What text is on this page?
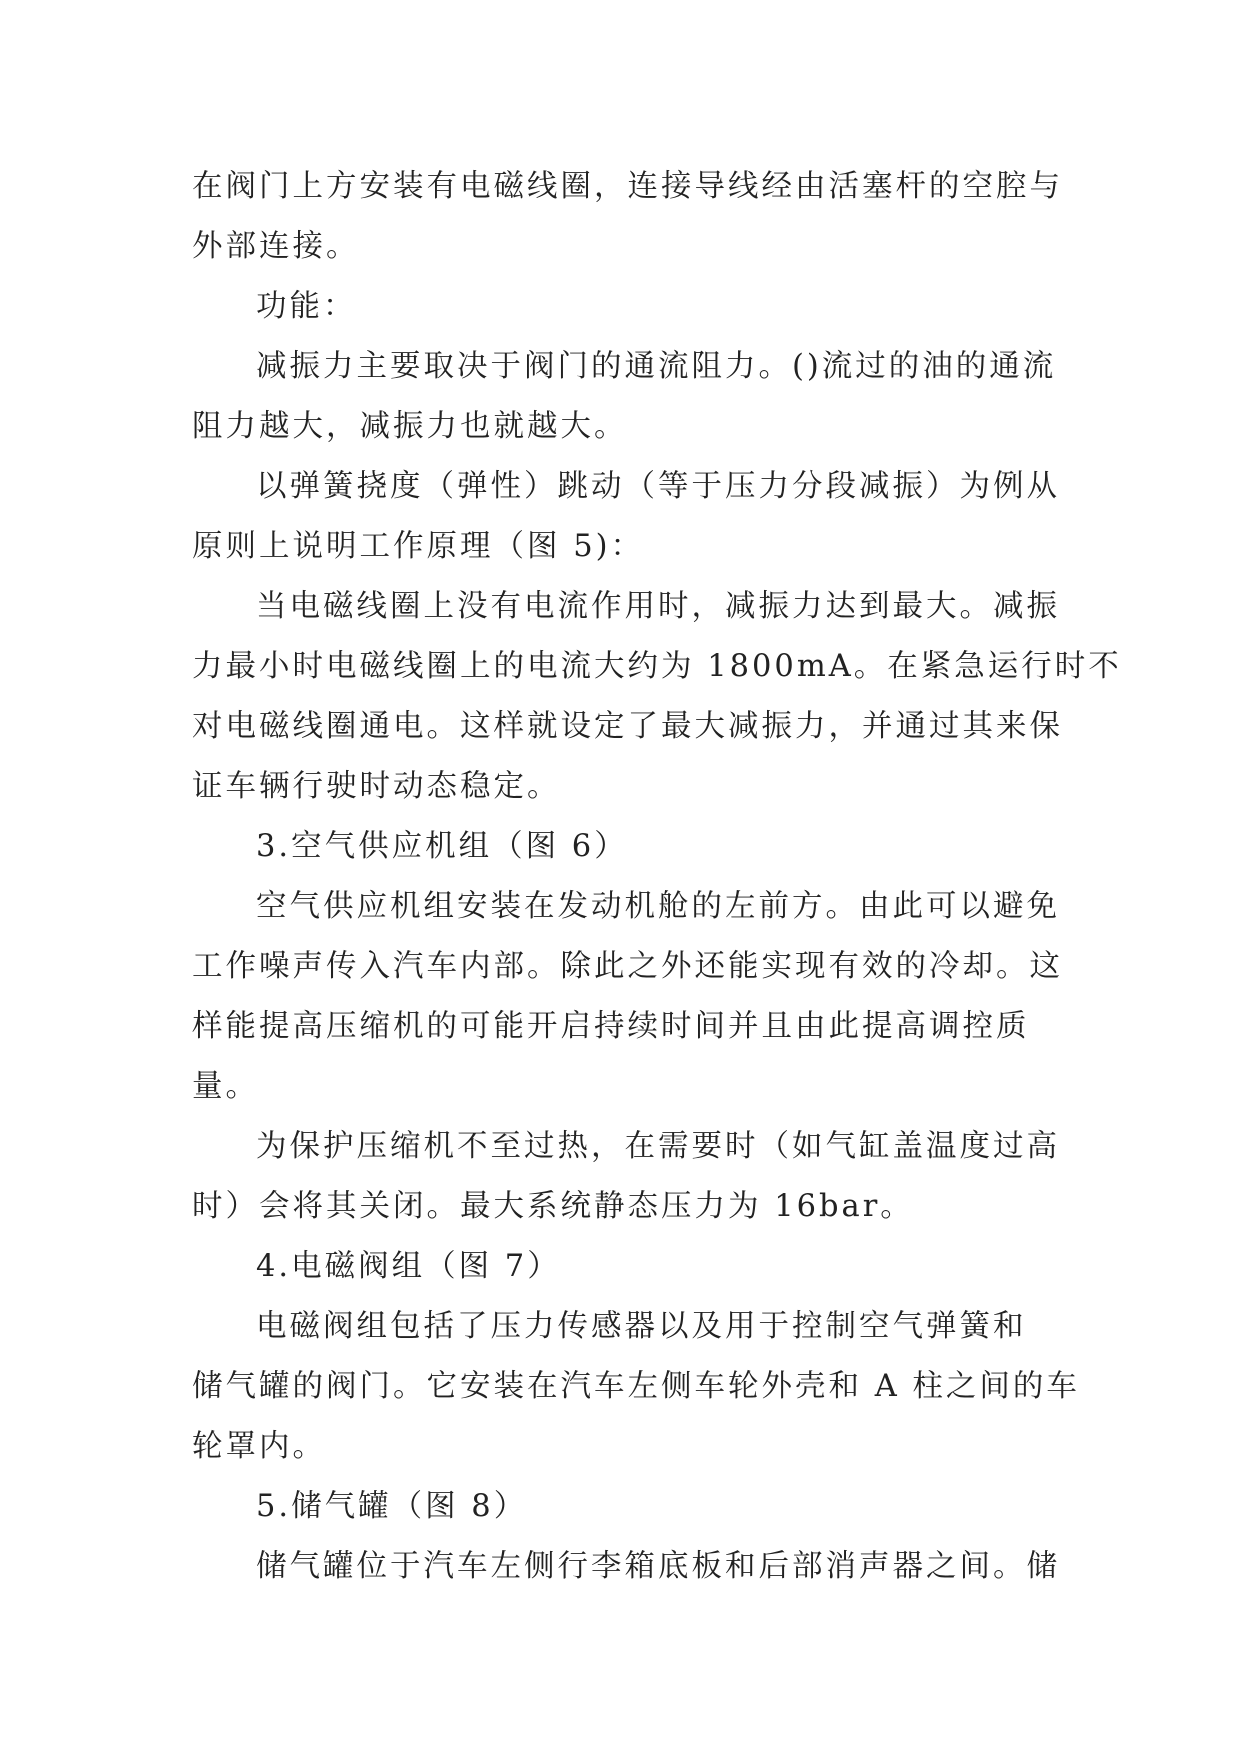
在阀门上方安装有电磁线圈，连接导线经由活塞杆的空腔与
外部连接。
功能：
减振力主要取决于阀门的通流阻力。()流过的油的通流
阻力越大，减振力也就越大。
以弹簧挠度（弹性）跳动（等于压力分段减振）为例从
原则上说明工作原理（图 5)：
当电磁线圈上没有电流作用时，减振力达到最大。减振
力最小时电磁线圈上的电流大约为 1800mA。在紧急运行时不
对电磁线圈通电。这样就设定了最大减振力，并通过其来保
证车辆行驶时动态稳定。
3.空气供应机组（图 6）
空气供应机组安装在发动机舱的左前方。由此可以避免
工作噪声传入汽车内部。除此之外还能实现有效的冷却。这
样能提高压缩机的可能开启持续时间并且由此提高调控质
量。
为保护压缩机不至过热，在需要时（如气缸盖温度过高
时）会将其关闭。最大系统静态压力为 16bar。
4.电磁阀组（图 7）
电磁阀组包括了压力传感器以及用于控制空气弹簧和
储气罐的阀门。它安装在汽车左侧车轮外壳和 A 柱之间的车
轮罩内。
5.储气罐（图 8）
储气罐位于汽车左侧行李箱底板和后部消声器之间。储
